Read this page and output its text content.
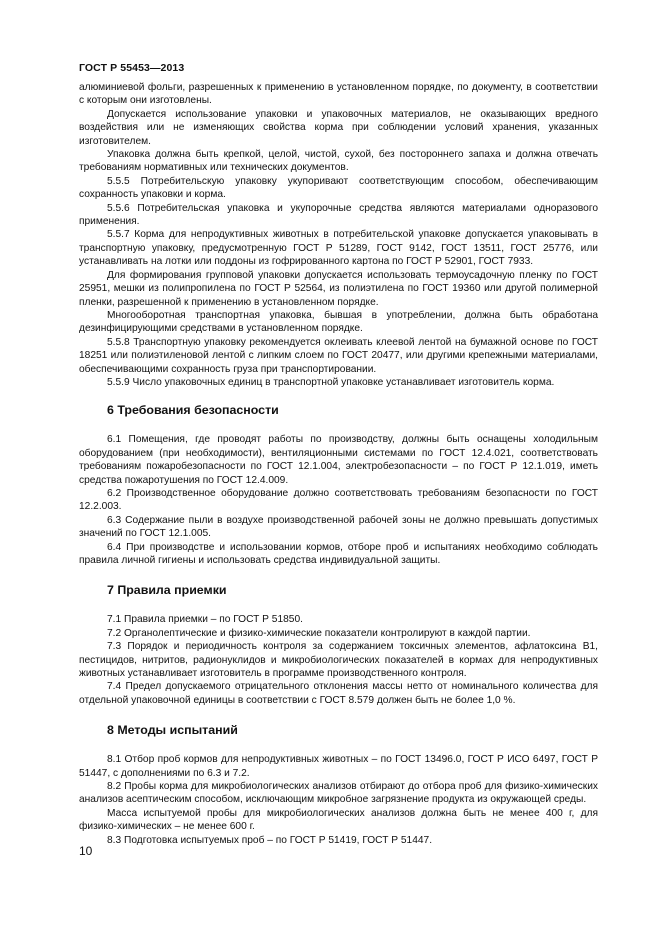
ГОСТ Р 55453—2013

алюминиевой фольги, разрешенных к применению в установленном порядке, по документу, в соответствии с которым они изготовлены.

Допускается использование упаковки и упаковочных материалов, не оказывающих вредного воздействия или не изменяющих свойства корма при соблюдении условий хранения, указанных изготовителем.

Упаковка должна быть крепкой, целой, чистой, сухой, без постороннего запаха и должна отвечать требованиям нормативных или технических документов.

5.5.5 Потребительскую упаковку укупоривают соответствующим способом, обеспечивающим сохранность упаковки и корма.

5.5.6 Потребительская упаковка и укупорочные средства являются материалами одноразового применения.

5.5.7 Корма для непродуктивных животных в потребительской упаковке допускается упаковывать в транспортную упаковку, предусмотренную ГОСТ Р 51289, ГОСТ 9142, ГОСТ 13511, ГОСТ 25776, или устанавливать на лотки или поддоны из гофрированного картона по ГОСТ Р 52901, ГОСТ 7933.

Для формирования групповой упаковки допускается использовать термоусадочную пленку по ГОСТ 25951, мешки из полипропилена по ГОСТ Р 52564, из полиэтилена по ГОСТ 19360 или другой полимерной пленки, разрешенной к применению в установленном порядке.

Многооборотная транспортная упаковка, бывшая в употреблении, должна быть обработана дезинфицирующими средствами в установленном порядке.

5.5.8 Транспортную упаковку рекомендуется оклеивать клеевой лентой на бумажной основе по ГОСТ 18251 или полиэтиленовой лентой с липким слоем по ГОСТ 20477, или другими крепежными материалами, обеспечивающими сохранность груза при транспортировании.

5.5.9 Число упаковочных единиц в транспортной упаковке устанавливает изготовитель корма.

6 Требования безопасности

6.1 Помещения, где проводят работы по производству, должны быть оснащены холодильным оборудованием (при необходимости), вентиляционными системами по ГОСТ 12.4.021, соответствовать требованиям пожаробезопасности по ГОСТ 12.1.004, электробезопасности – по ГОСТ Р 12.1.019, иметь средства пожаротушения по ГОСТ 12.4.009.

6.2 Производственное оборудование должно соответствовать требованиям безопасности по ГОСТ 12.2.003.

6.3 Содержание пыли в воздухе производственной рабочей зоны не должно превышать допустимых значений по ГОСТ 12.1.005.

6.4 При производстве и использовании кормов, отборе проб и испытаниях необходимо соблюдать правила личной гигиены и использовать средства индивидуальной защиты.

7 Правила приемки

7.1 Правила приемки – по ГОСТ Р 51850.

7.2 Органолептические и физико-химические показатели контролируют в каждой партии.

7.3 Порядок и периодичность контроля за содержанием токсичных элементов, афлатоксина В1, пестицидов, нитритов, радионуклидов и микробиологических показателей в кормах для непродуктивных животных устанавливает изготовитель в программе производственного контроля.

7.4 Предел допускаемого отрицательного отклонения массы нетто от номинального количества для отдельной упаковочной единицы в соответствии с ГОСТ 8.579 должен быть не более 1,0 %.

8 Методы испытаний

8.1 Отбор проб кормов для непродуктивных животных – по ГОСТ 13496.0, ГОСТ Р ИСО 6497, ГОСТ Р 51447, с дополнениями по 6.3 и 7.2.

8.2 Пробы корма для микробиологических анализов отбирают до отбора проб для физико-химических анализов асептическим способом, исключающим микробное загрязнение продукта из окружающей среды.

Масса испытуемой пробы для микробиологических анализов должна быть не менее 400 г, для физико-химических – не менее 600 г.

8.3 Подготовка испытуемых проб – по ГОСТ Р 51419, ГОСТ Р 51447.

10
